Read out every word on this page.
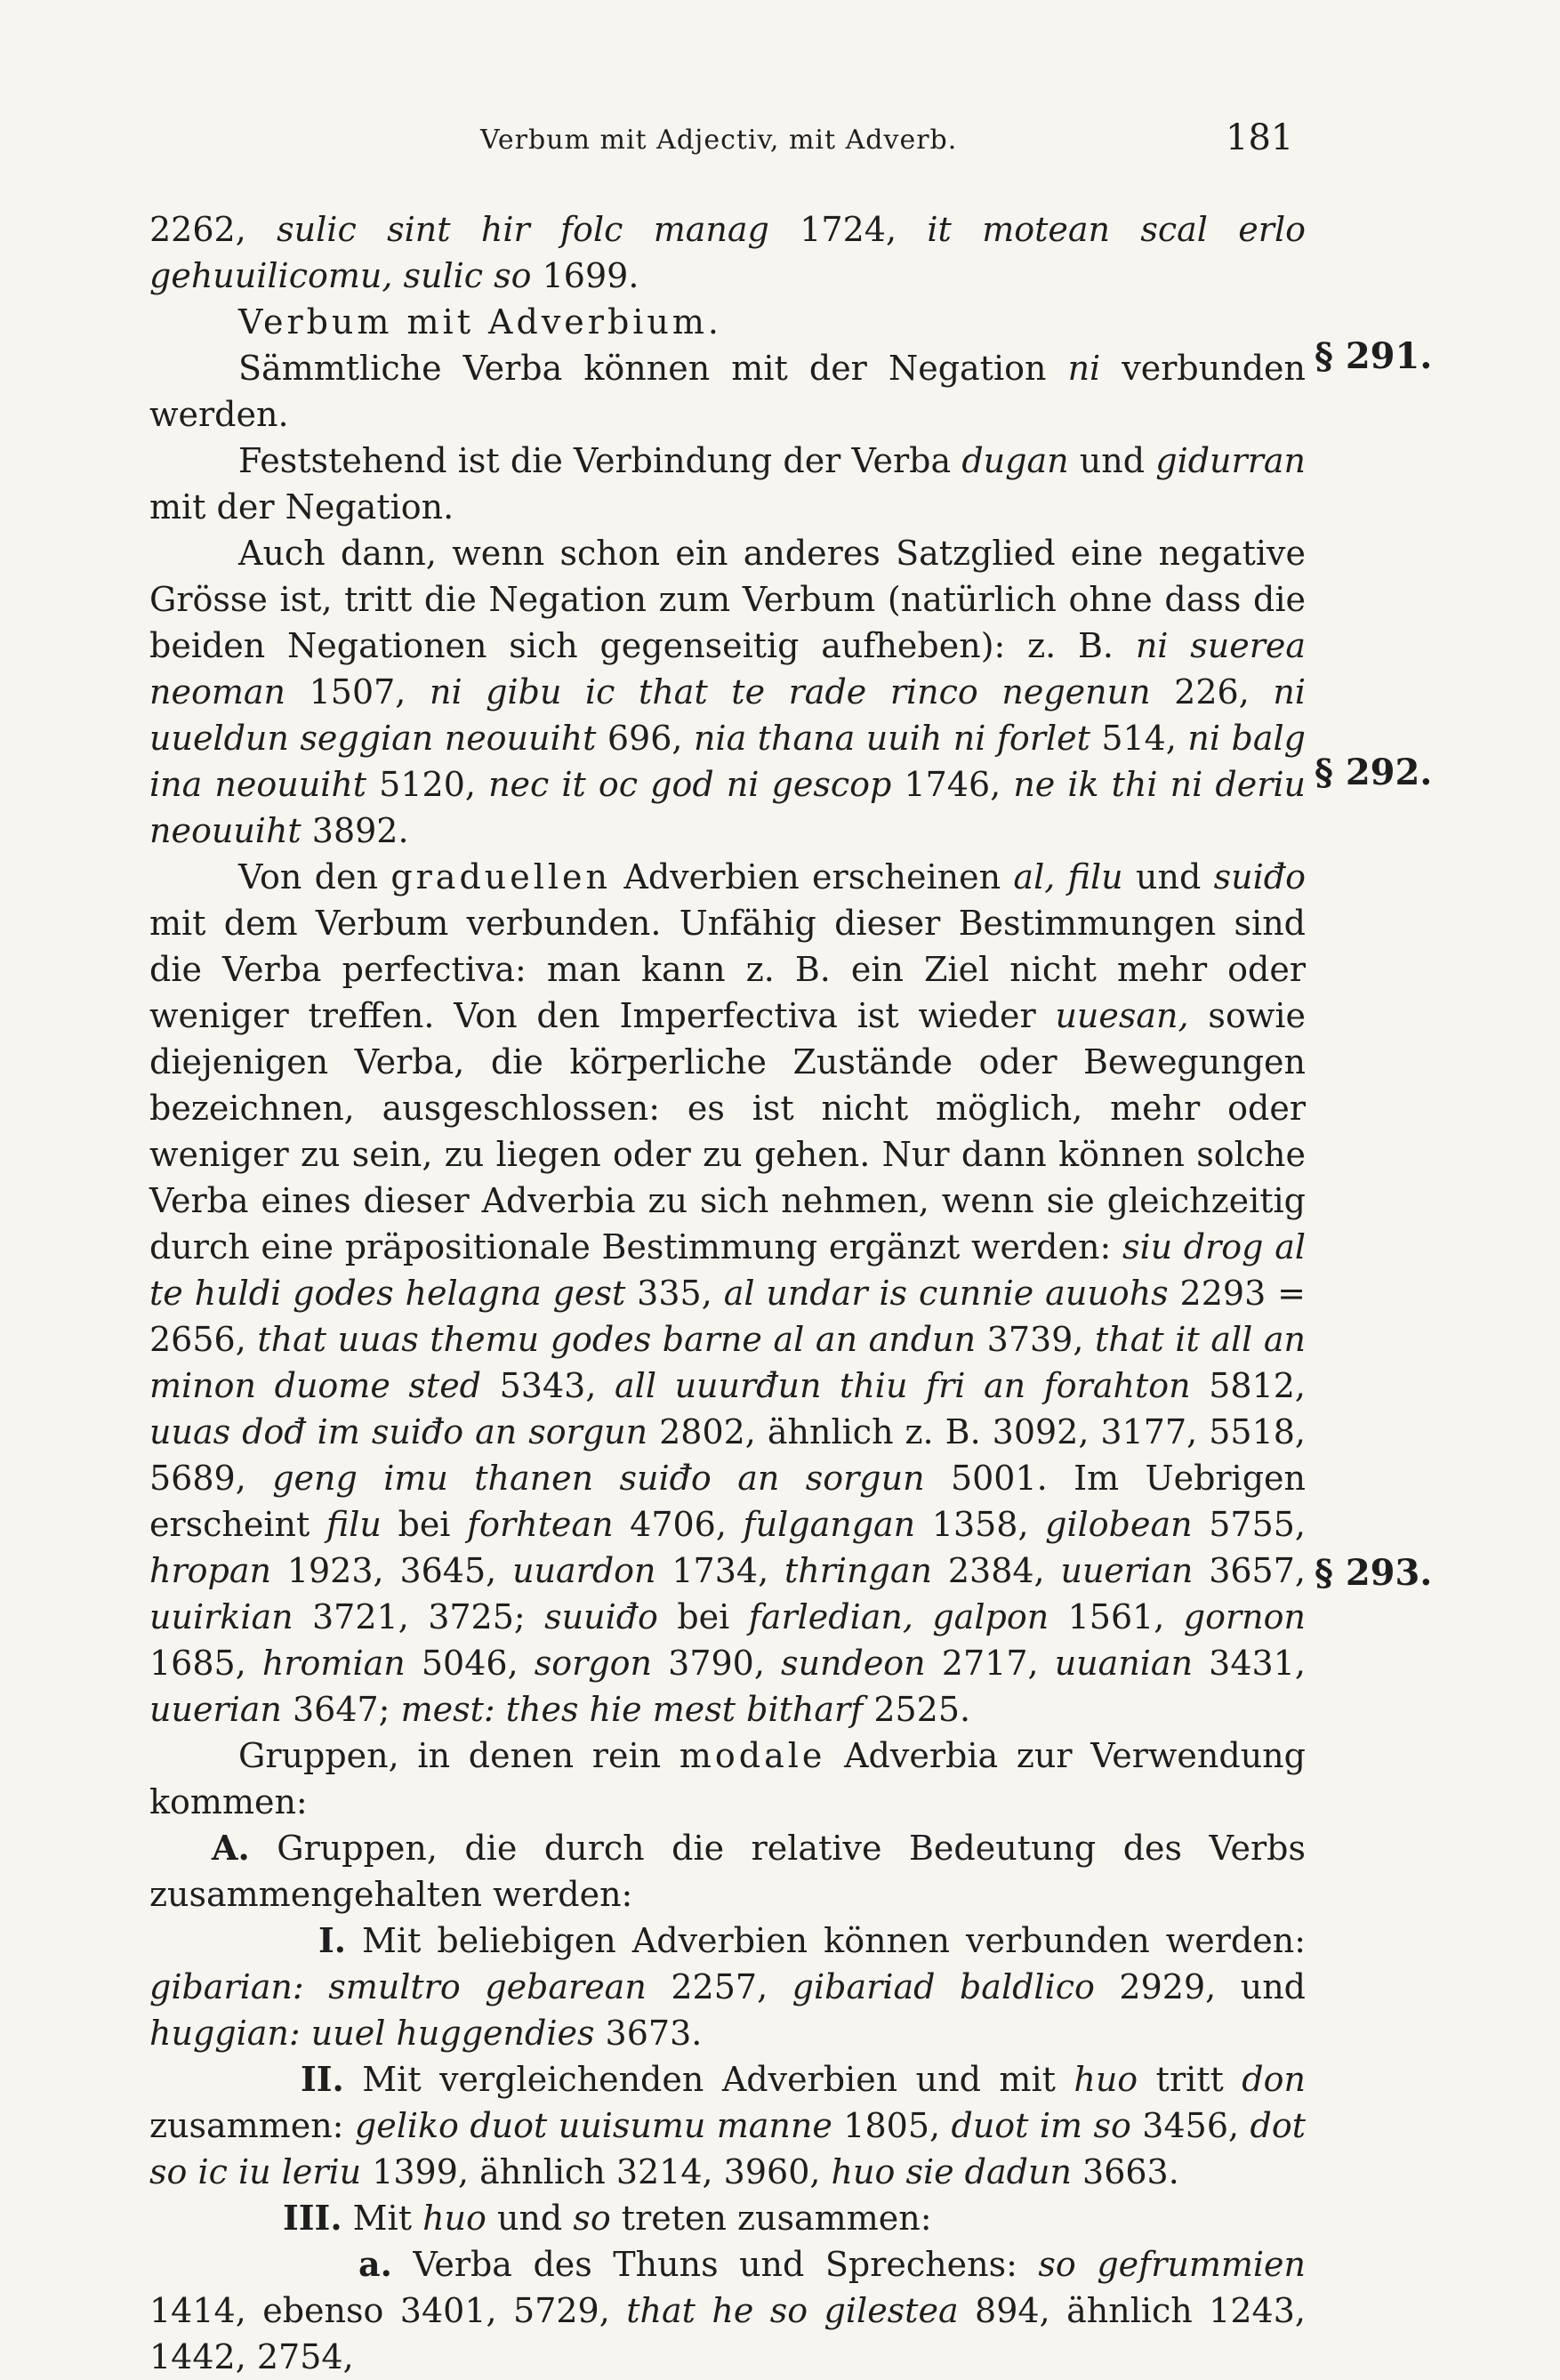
Verbum mit Adjectiv, mit Adverb.	181
§ 291.
§ 292.
§ 293.

2262, sulic sint hir folc manag 1724, it motean scal erlo gehuuilicomu, sulic so 1699.

Verbum mit Adverbium.

Sämmtliche Verba können mit der Negation ni verbunden werden.

Feststehend ist die Verbindung der Verba dugan und gidurran mit der Negation.

Auch dann, wenn schon ein anderes Satzglied eine negative Grösse ist, tritt die Negation zum Verbum (natürlich ohne dass die beiden Negationen sich gegenseitig aufheben): z. B. ni suerea neoman 1507, ni gibu ic that te rade rinco negenun 226, ni uueldun seggian neouuiht 696, nia thana uuih ni forlet 514, ni balg ina neouuiht 5120, nec it oc god ni gescop 1746, ne ik thi ni deriu neouuiht 3892.

Von den graduellen Adverbien erscheinen al, filu und suiđo mit dem Verbum verbunden. Unfähig dieser Bestimmungen sind die Verba perfectiva: man kann z. B. ein Ziel nicht mehr oder weniger treffen. Von den Imperfectiva ist wieder uuesan, sowie diejenigen Verba, die körperliche Zustände oder Bewegungen bezeichnen, ausgeschlossen: es ist nicht möglich, mehr oder weniger zu sein, zu liegen oder zu gehen. Nur dann können solche Verba eines dieser Adverbia zu sich nehmen, wenn sie gleichzeitig durch eine präpositionale Bestimmung ergänzt werden: siu drog al te huldi godes helagna gest 335, al undar is cunnie auuohs 2293 = 2656, that uuas themu godes barne al an andun 3739, that it all an minon duome sted 5343, all uuurđun thiu fri an forahton 5812, uuas dođ im suiđo an sorgun 2802, ähnlich z. B. 3092, 3177, 5518, 5689, geng imu thanen suiđo an sorgun 5001. Im Uebrigen erscheint filu bei forhtean 4706, fulgangan 1358, gilobean 5755, hropan 1923, 3645, uuardon 1734, thringan 2384, uuerian 3657, uuirkian 3721, 3725; suuiđo bei farledian, galpon 1561, gornon 1685, hromian 5046, sorgon 3790, sundeon 2717, uuanian 3431, uuerian 3647; mest: thes hie mest bitharf 2525.

Gruppen, in denen rein modale Adverbia zur Verwendung kommen:

A. Gruppen, die durch die relative Bedeutung des Verbs zusammengehalten werden:

I. Mit beliebigen Adverbien können verbunden werden: gibarian: smultro gebarean 2257, gibariad baldlico 2929, und huggian: uuel huggendies 3673.

II. Mit vergleichenden Adverbien und mit huo tritt don zusammen: geliko duot uuisumu manne 1805, duot im so 3456, dot so ic iu leriu 1399, ähnlich 3214, 3960, huo sie dadun 3663.

III. Mit huo und so treten zusammen:

a. Verba des Thuns und Sprechens: so gefrummien 1414, ebenso 3401, 5729, that he so gilestea 894, ähnlich 1243, 1442, 2754,
